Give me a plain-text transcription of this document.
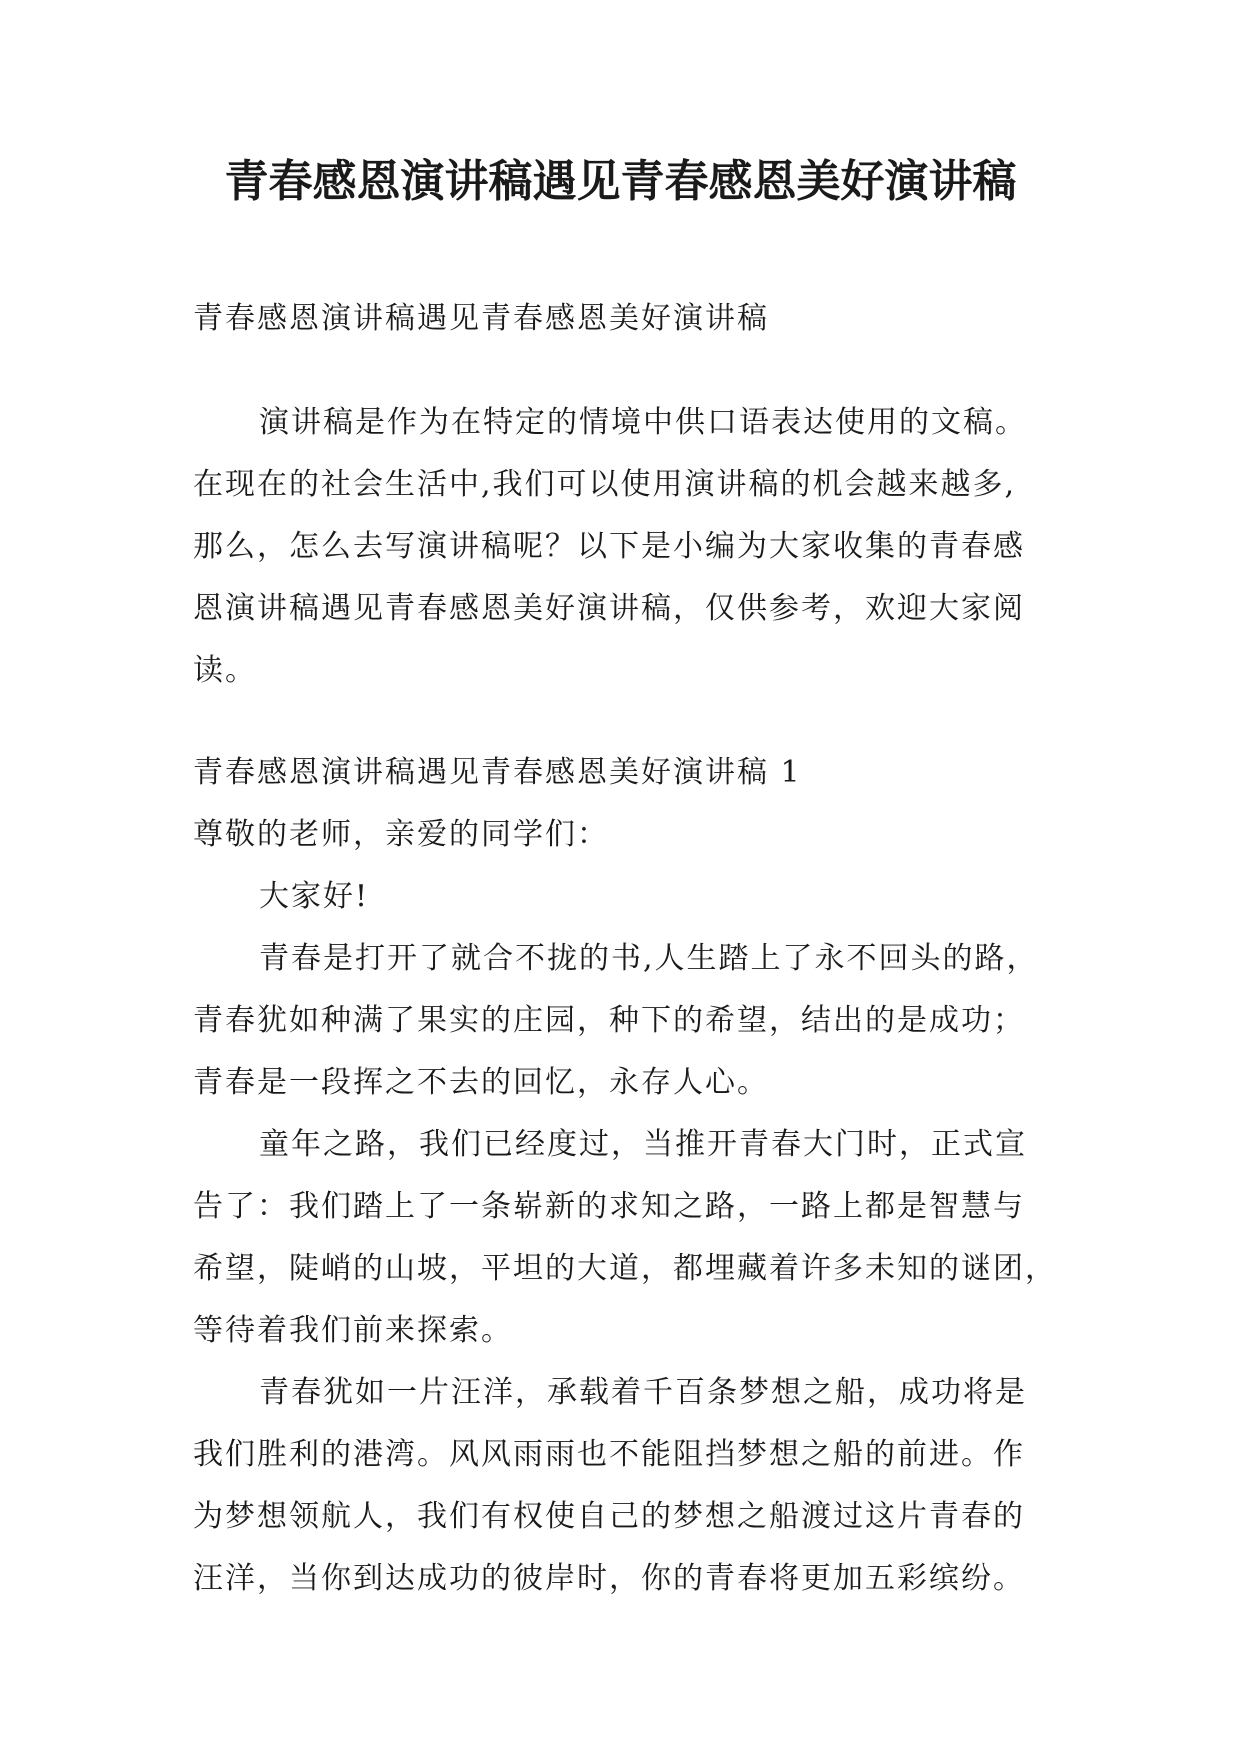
青春感恩演讲稿遇见青春感恩美好演讲稿
青春感恩演讲稿遇见青春感恩美好演讲稿
演讲稿是作为在特定的情境中供口语表达使用的文稿。
在现在的社会生活中,我们可以使用演讲稿的机会越来越多,
那么，怎么去写演讲稿呢？以下是小编为大家收集的青春感
恩演讲稿遇见青春感恩美好演讲稿，仅供参考，欢迎大家阅
读。
青春感恩演讲稿遇见青春感恩美好演讲稿 1
尊敬的老师，亲爱的同学们：
大家好!
青春是打开了就合不拢的书,人生踏上了永不回头的路，
青春犹如种满了果实的庄园，种下的希望，结出的是成功；
青春是一段挥之不去的回忆，永存人心。
童年之路，我们已经度过，当推开青春大门时，正式宣
告了：我们踏上了一条崭新的求知之路，一路上都是智慧与
希望，陡峭的山坡，平坦的大道，都埋藏着许多未知的谜团，
等待着我们前来探索。
青春犹如一片汪洋，承载着千百条梦想之船，成功将是
我们胜利的港湾。风风雨雨也不能阻挡梦想之船的前进。作
为梦想领航人，我们有权使自己的梦想之船渡过这片青春的
汪洋，当你到达成功的彼岸时，你的青春将更加五彩缤纷。
